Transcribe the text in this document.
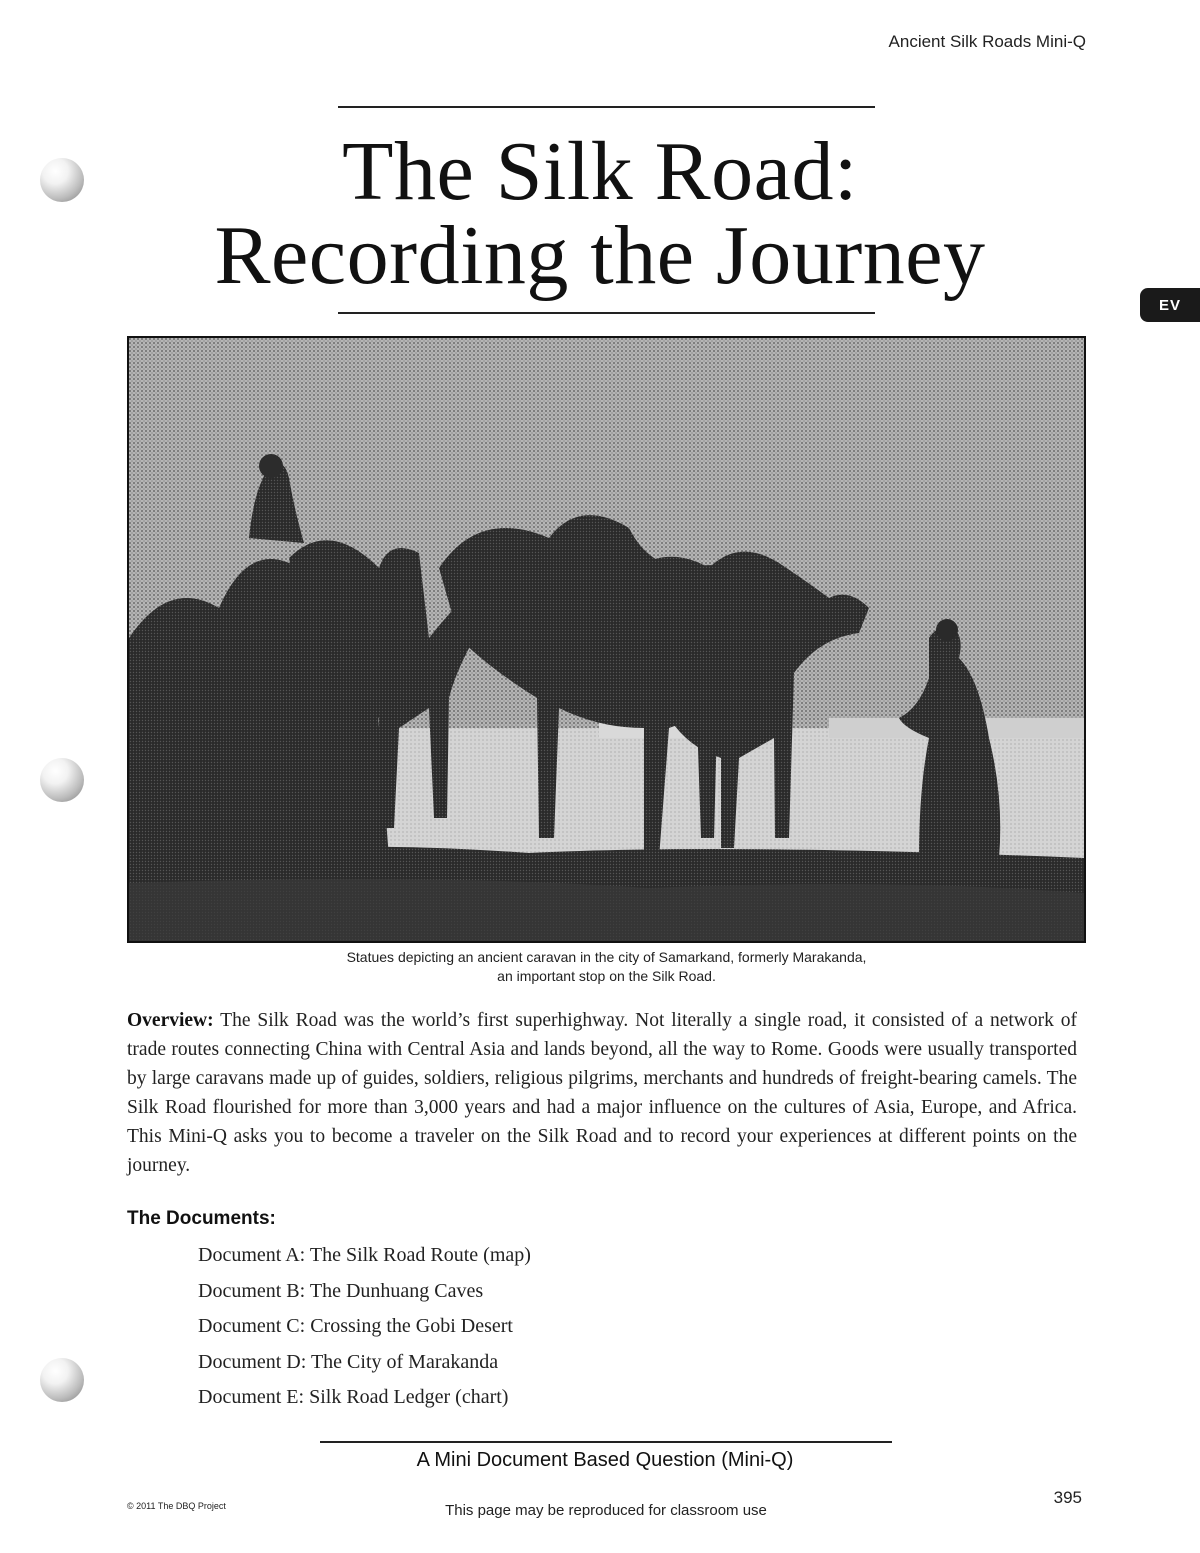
Ancient Silk Roads Mini-Q
The Silk Road:
Recording the Journey
EV
Statues depicting an ancient caravan in the city of Samarkand, formerly Marakanda,
an important stop on the Silk Road.
Overview: The Silk Road was the world’s first superhighway. Not literally a single road, it consisted of a network of trade routes connecting China with Central Asia and lands beyond, all the way to Rome. Goods were usually transported by large caravans made up of guides, soldiers, religious pilgrims, merchants and hundreds of freight-bearing camels. The Silk Road flourished for more than 3,000 years and had a major influence on the cultures of Asia, Europe, and Africa. This Mini-Q asks you to become a traveler on the Silk Road and to record your experiences at different points on the journey.
The Documents:
Document A: The Silk Road Route (map)
Document B: The Dunhuang Caves
Document C: Crossing the Gobi Desert
Document D: The City of Marakanda
Document E: Silk Road Ledger (chart)
A Mini Document Based Question (Mini-Q)
© 2011 The DBQ Project	This page may be reproduced for classroom use
395
